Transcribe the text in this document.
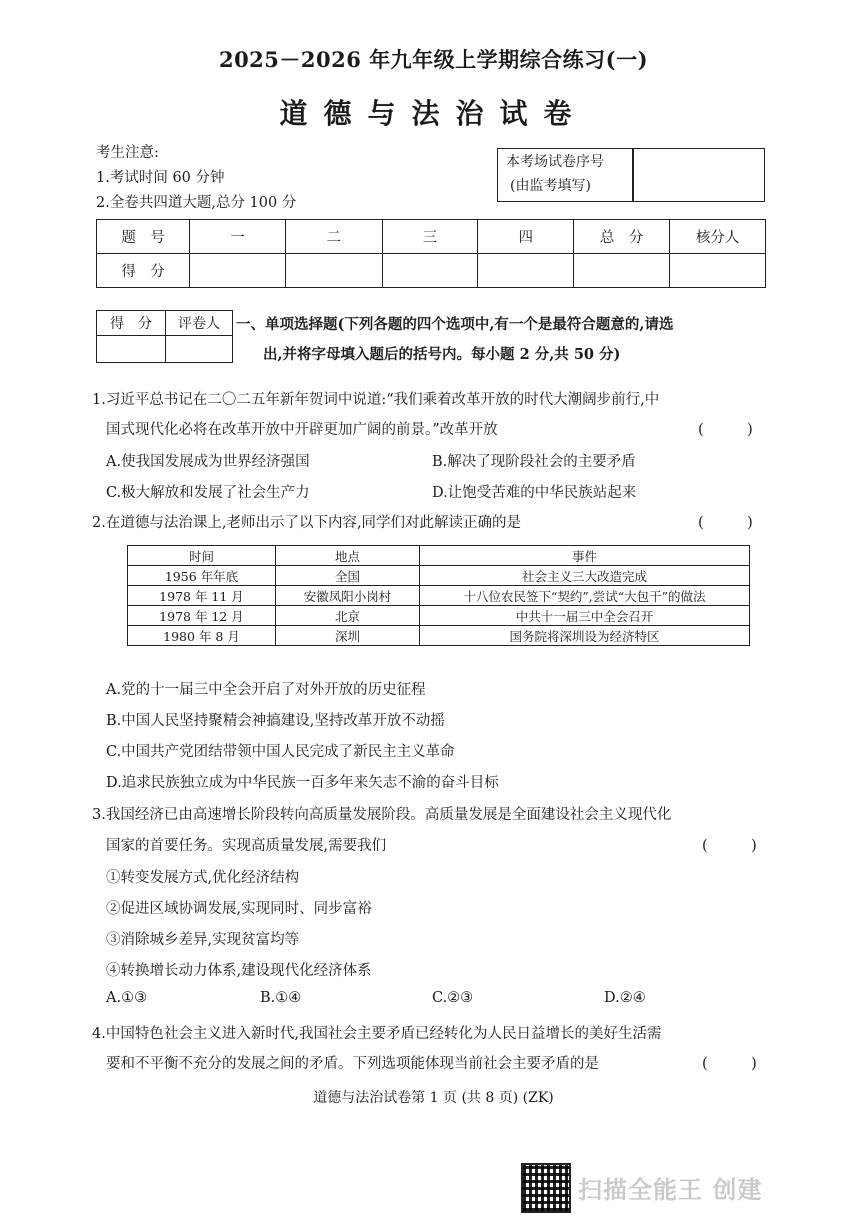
2025－2026 年九年级上学期综合练习(一)
道德与法治试卷
考生注意:
1.考试时间 60 分钟
2.全卷共四道大题,总分 100 分
本考场试卷序号
(由监考填写)
题　号	一	二	三	四	总　分	核分人
得　分						
得　分	评卷人
	一、单项选择题(下列各题的四个选项中,有一个是最符合题意的,请选
出,并将字母填入题后的括号内。每小题 2 分,共 50 分)
1.习近平总书记在二〇二五年新年贺词中说道:“我们乘着改革开放的时代大潮阔步前行,中
国式现代化必将在改革开放中开辟更加广阔的前景。”改革开放	(　　　)
A.使我国发展成为世界经济强国	B.解决了现阶段社会的主要矛盾
C.极大解放和发展了社会生产力	D.让饱受苦难的中华民族站起来
2.在道德与法治课上,老师出示了以下内容,同学们对此解读正确的是	(　　　)
时间	地点	事件
1956 年年底	全国	社会主义三大改造完成
1978 年 11 月	安徽凤阳小岗村	十八位农民签下“契约”,尝试“大包干”的做法
1978 年 12 月	北京	中共十一届三中全会召开
1980 年 8 月	深圳	国务院将深圳设为经济特区
A.党的十一届三中全会开启了对外开放的历史征程
B.中国人民坚持聚精会神搞建设,坚持改革开放不动摇
C.中国共产党团结带领中国人民完成了新民主主义革命
D.追求民族独立成为中华民族一百多年来矢志不渝的奋斗目标
3.我国经济已由高速增长阶段转向高质量发展阶段。高质量发展是全面建设社会主义现代化
国家的首要任务。实现高质量发展,需要我们	(　　　)
①转变发展方式,优化经济结构
②促进区域协调发展,实现同时、同步富裕
③消除城乡差异,实现贫富均等
④转换增长动力体系,建设现代化经济体系
A.①③	B.①④	C.②③	D.②④
4.中国特色社会主义进入新时代,我国社会主要矛盾已经转化为人民日益增长的美好生活需
要和不平衡不充分的发展之间的矛盾。下列选项能体现当前社会主要矛盾的是	(　　　)
道德与法治试卷第 1 页 (共 8 页) (ZK)
扫描全能王 创建
